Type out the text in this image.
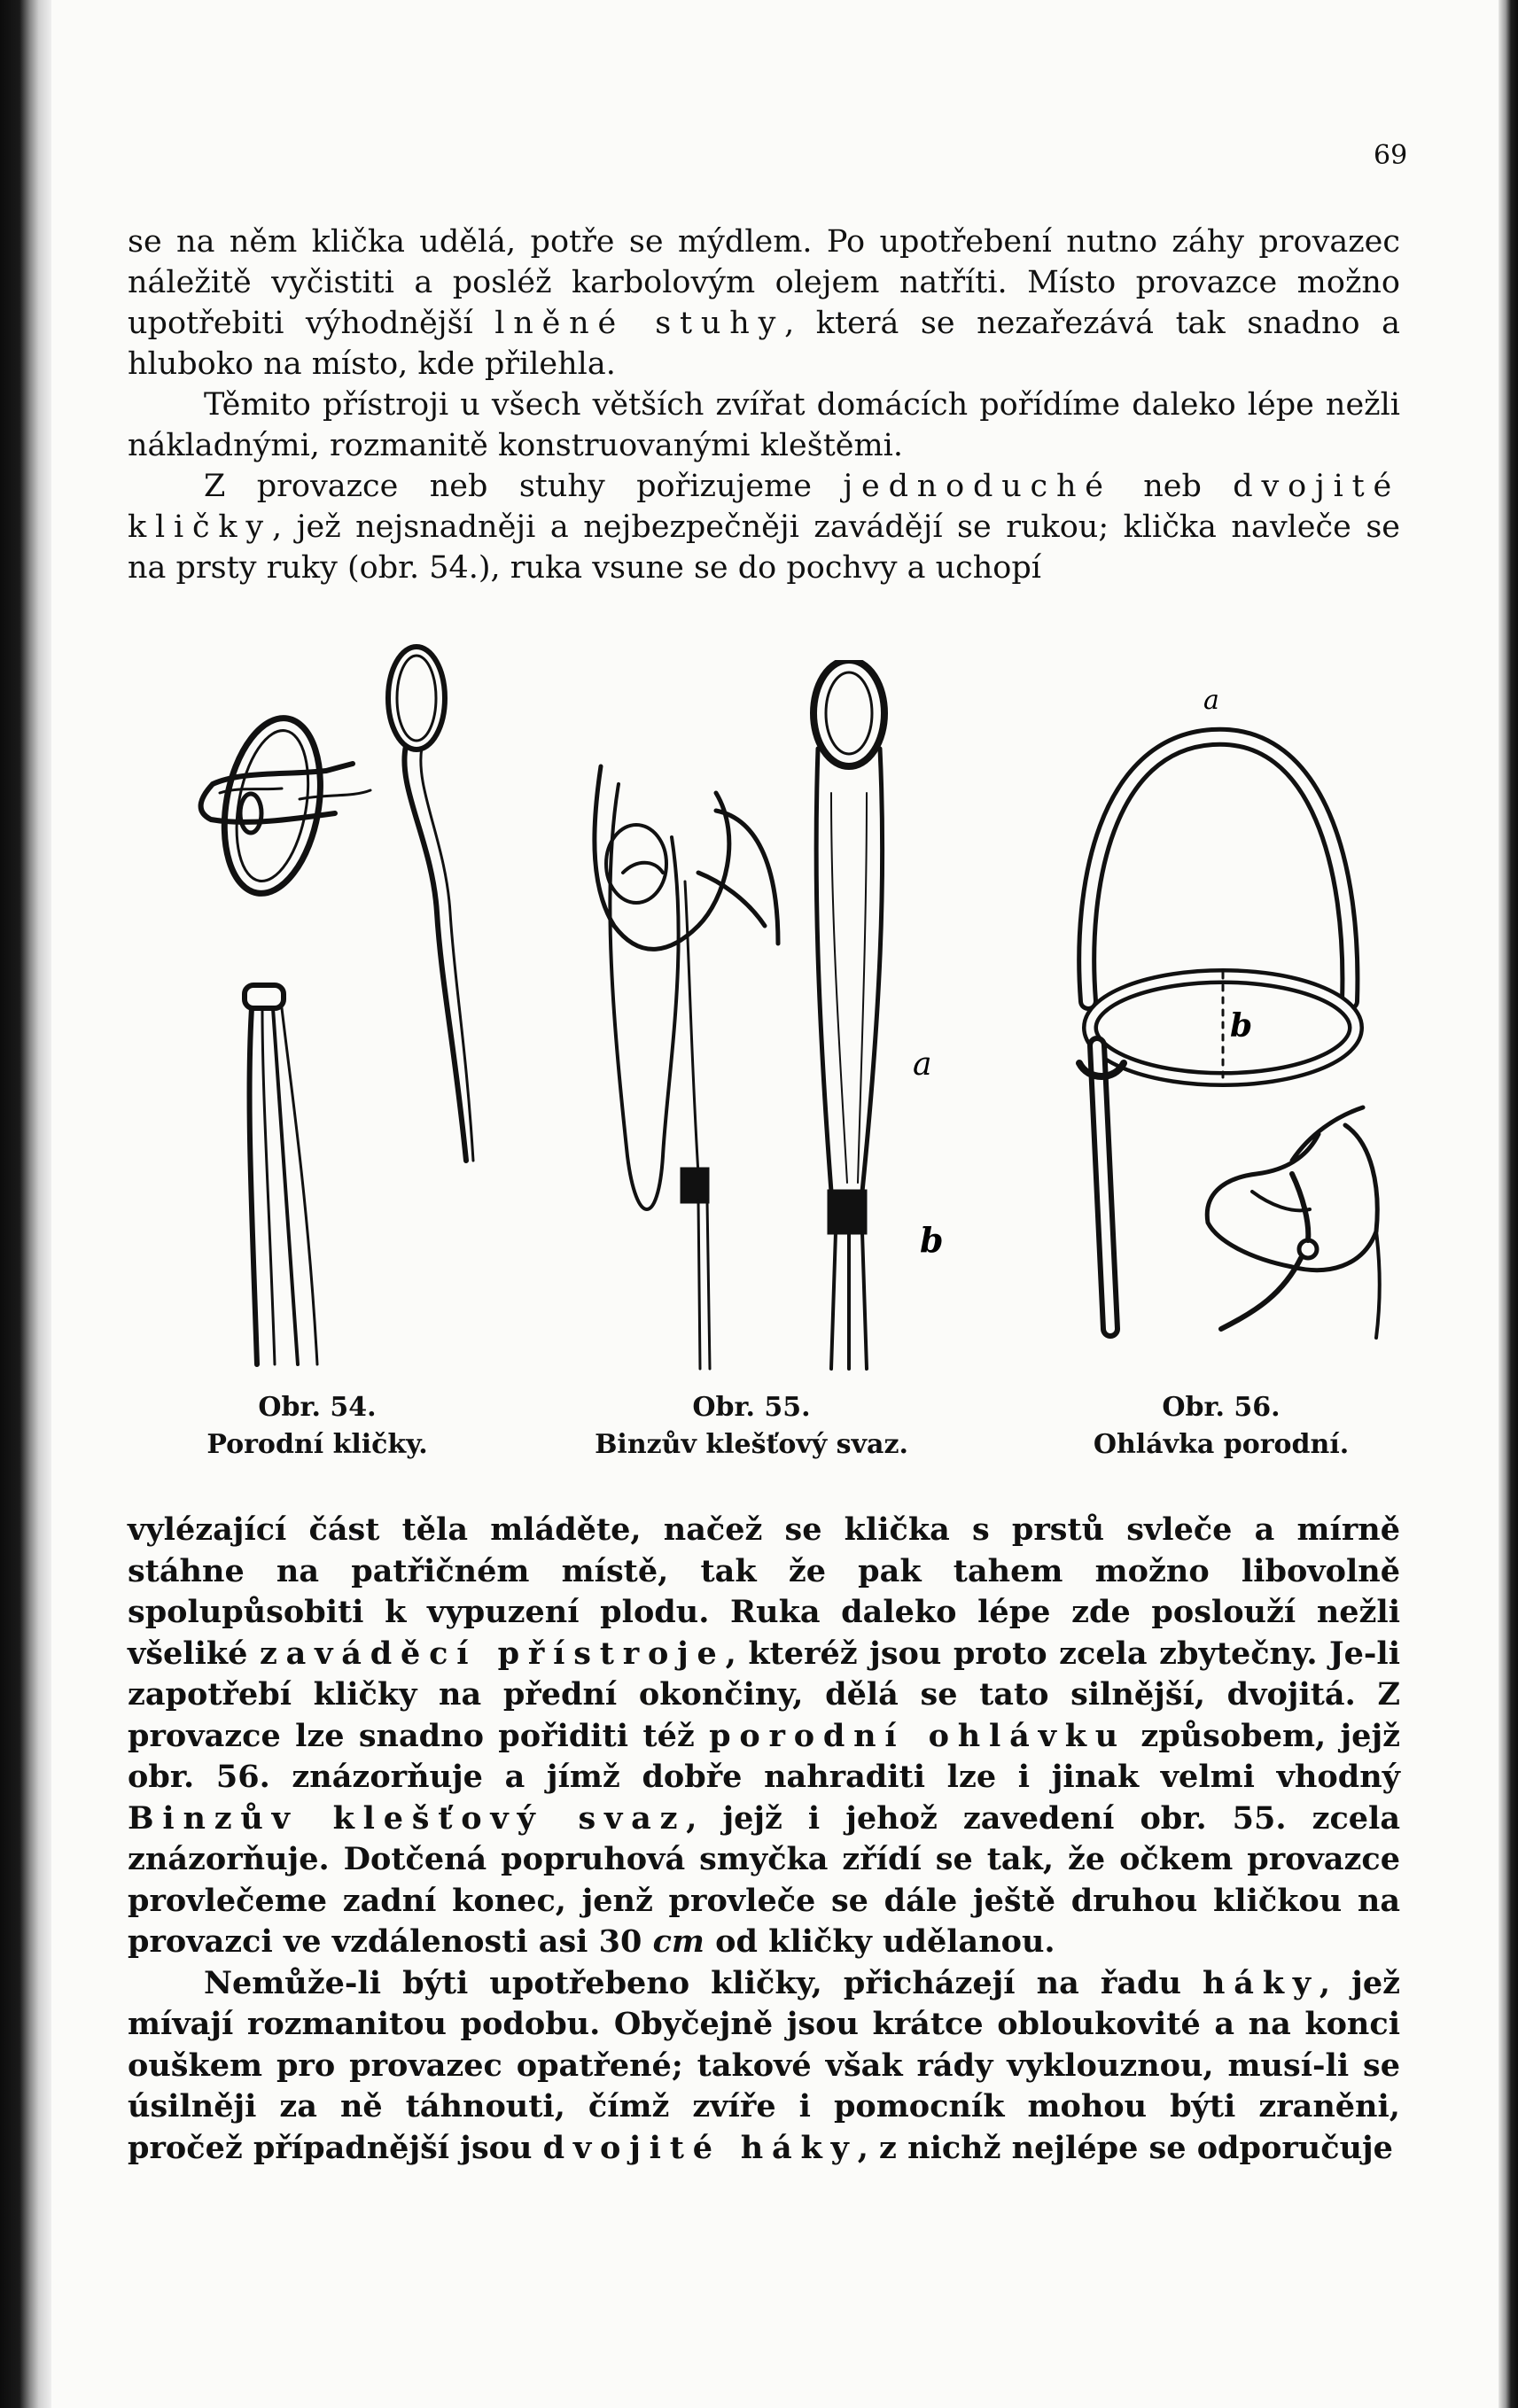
69

se na něm klička udělá, potře se mýdlem. Po upotřebení nutno záhy provazec náležitě vyčistiti a posléž karbolovým olejem natříti. Místo provazce možno upotřebiti výhodnější lněné stuhy, která se nezařezává tak snadno a hluboko na místo, kde přilehla.

Těmito přístroji u všech větších zvířat domácích pořídíme daleko lépe nežli nákladnými, rozmanitě konstruovanými kleštěmi.

Z provazce neb stuhy pořizujeme jednoduché neb dvojité kličky, jež nejsnadněji a nejbezpečněji zavádějí se rukou; klička navleče se na prsty ruky (obr. 54.), ruka vsune se do pochvy a uchopí

Obr. 54.
Porodní kličky.
a
b
Obr. 55.
Binzův klešťový svaz.
a
b
Obr. 56.
Ohlávka porodní.

vylézající část těla mláděte, načež se klička s prstů svleče a mírně stáhne na patřičném místě, tak že pak tahem možno libovolně spolupůsobiti k vypuzení plodu. Ruka daleko lépe zde poslouží nežli všeliké zaváděcí přístroje, kteréž jsou proto zcela zbytečny. Je-li zapotřebí kličky na přední okončiny, dělá se tato silnější, dvojitá. Z provazce lze snadno pořiditi též porodní ohlávku způsobem, jejž obr. 56. znázorňuje a jímž dobře nahraditi lze i jinak velmi vhodný Binzův klešťový svaz, jejž i jehož zavedení obr. 55. zcela znázorňuje. Dotčená popruhová smyčka zřídí se tak, že očkem provazce provlečeme zadní konec, jenž provleče se dále ještě druhou kličkou na provazci ve vzdálenosti asi 30 cm od kličky udělanou.

Nemůže-li býti upotřebeno kličky, přicházejí na řadu háky, jež mívají rozmanitou podobu. Obyčejně jsou krátce obloukovité a na konci ouškem pro provazec opatřené; takové však rády vyklouznou, musí-li se úsilněji za ně táhnouti, čímž zvíře i pomocník mohou býti zraněni, pročež případnější jsou dvojité háky, z nichž nejlépe se odporučuje
